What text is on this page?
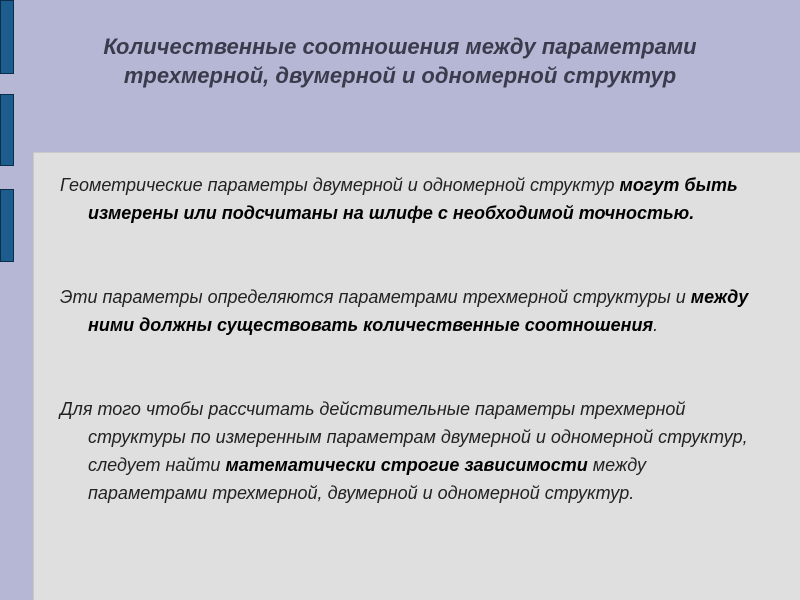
Количественные соотношения между параметрами трехмерной, двумерной и одномерной структур
Геометрические параметры двумерной и одномерной структур могут быть измерены или подсчитаны на шлифе с необходимой точностью.
Эти параметры определяются параметрами трехмерной структуры и между ними должны существовать количественные соотношения.
Для того чтобы рассчитать действительные параметры трехмерной структуры по измеренным параметрам двумерной и одномерной структур, следует найти математически строгие зависимости между параметрами трехмерной, двумерной и одномерной структур.
